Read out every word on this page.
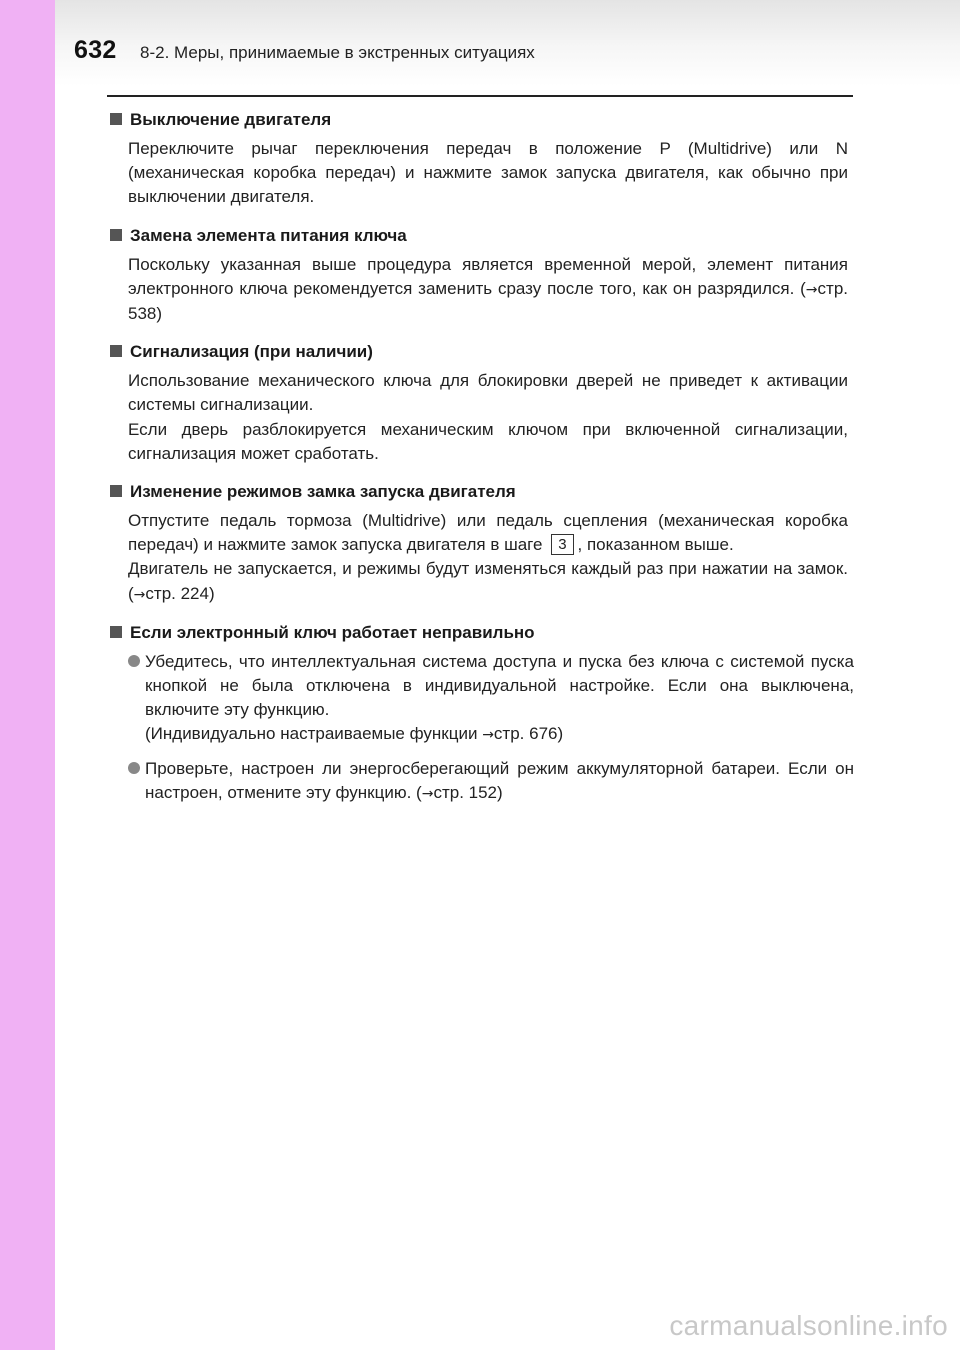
632 8-2. Меры, принимаемые в экстренных ситуациях
Выключение двигателя
Переключите рычаг переключения передач в положение P (Multidrive) или N (механическая коробка передач) и нажмите замок запуска двигателя, как обычно при выключении двигателя.
Замена элемента питания ключа
Поскольку указанная выше процедура является временной мерой, элемент питания электронного ключа рекомендуется заменить сразу после того, как он разрядился. (→стр. 538)
Сигнализация (при наличии)
Использование механического ключа для блокировки дверей не приведет к активации системы сигнализации.
Если дверь разблокируется механическим ключом при включенной сигнализации, сигнализация может сработать.
Изменение режимов замка запуска двигателя
Отпустите педаль тормоза (Multidrive) или педаль сцепления (механическая коробка передач) и нажмите замок запуска двигателя в шаге 3 , показанном выше.
Двигатель не запускается, и режимы будут изменяться каждый раз при нажатии на замок. (→стр. 224)
Если электронный ключ работает неправильно
Убедитесь, что интеллектуальная система доступа и пуска без ключа с системой пуска кнопкой не была отключена в индивидуальной настройке. Если она выключена, включите эту функцию.
(Индивидуально настраиваемые функции →стр. 676)
Проверьте, настроен ли энергосберегающий режим аккумуляторной батареи. Если он настроен, отмените эту функцию. (→стр. 152)
carmanualsonline.info
